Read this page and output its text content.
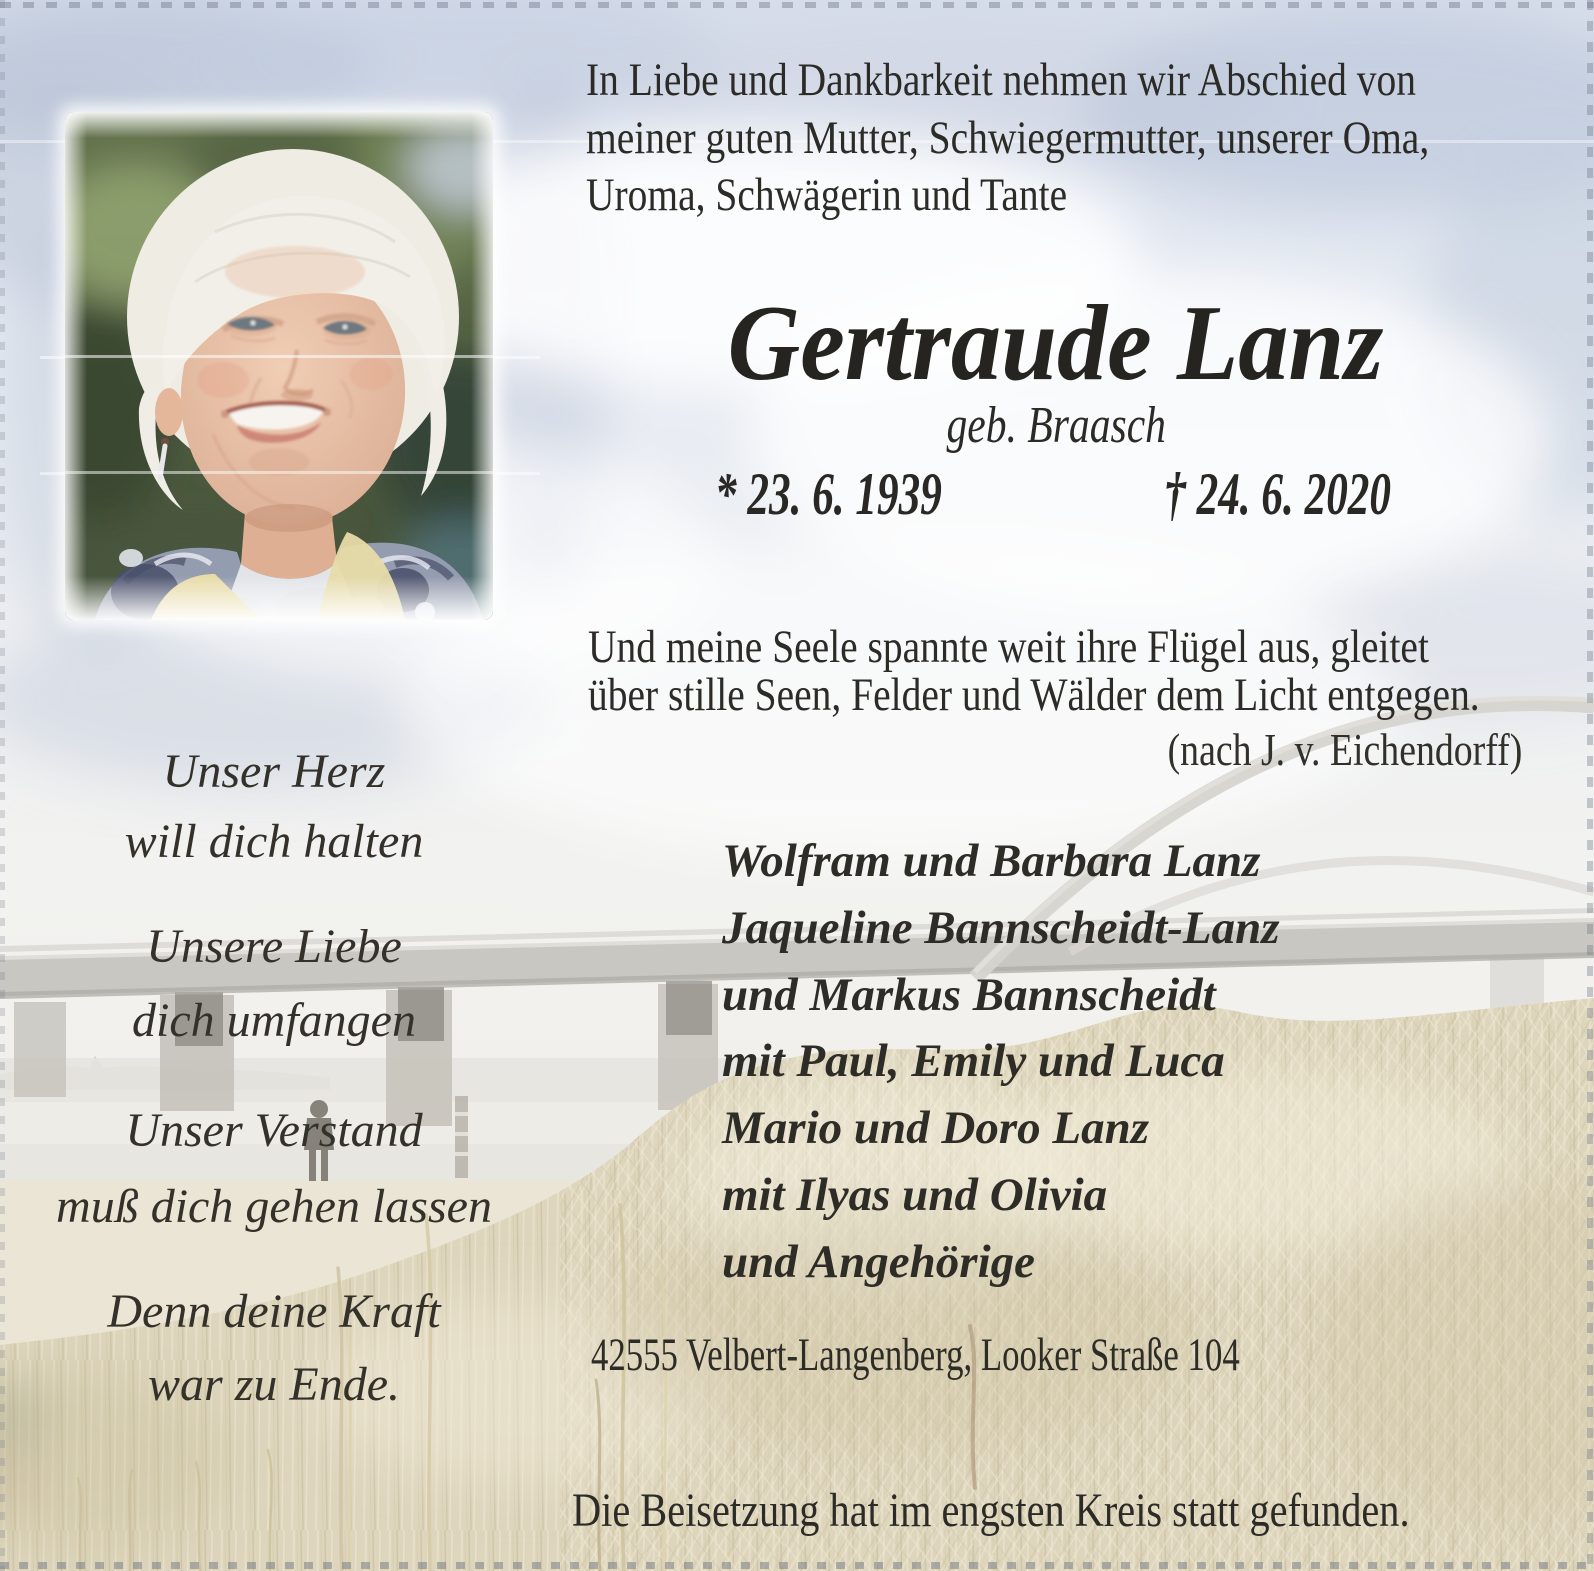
In Liebe und Dankbarkeit nehmen wir Abschied von
meiner guten Mutter, Schwiegermutter, unserer Oma,
Uroma, Schwägerin und Tante
Gertraude Lanz
geb. Braasch
* 23. 6. 1939	† 24. 6. 2020
Und meine Seele spannte weit ihre Flügel aus, gleitet
über stille Seen, Felder und Wälder dem Licht entgegen.
(nach J. v. Eichendorff)
Unser Herz
will dich halten
Unsere Liebe
dich umfangen
Unser Verstand
muß dich gehen lassen
Denn deine Kraft
war zu Ende.
Wolfram und Barbara Lanz
Jaqueline Bannscheidt-Lanz
und Markus Bannscheidt
mit Paul, Emily und Luca
Mario und Doro Lanz
mit Ilyas und Olivia
und Angehörige
42555 Velbert-Langenberg, Looker Straße 104
Die Beisetzung hat im engsten Kreis statt gefunden.
